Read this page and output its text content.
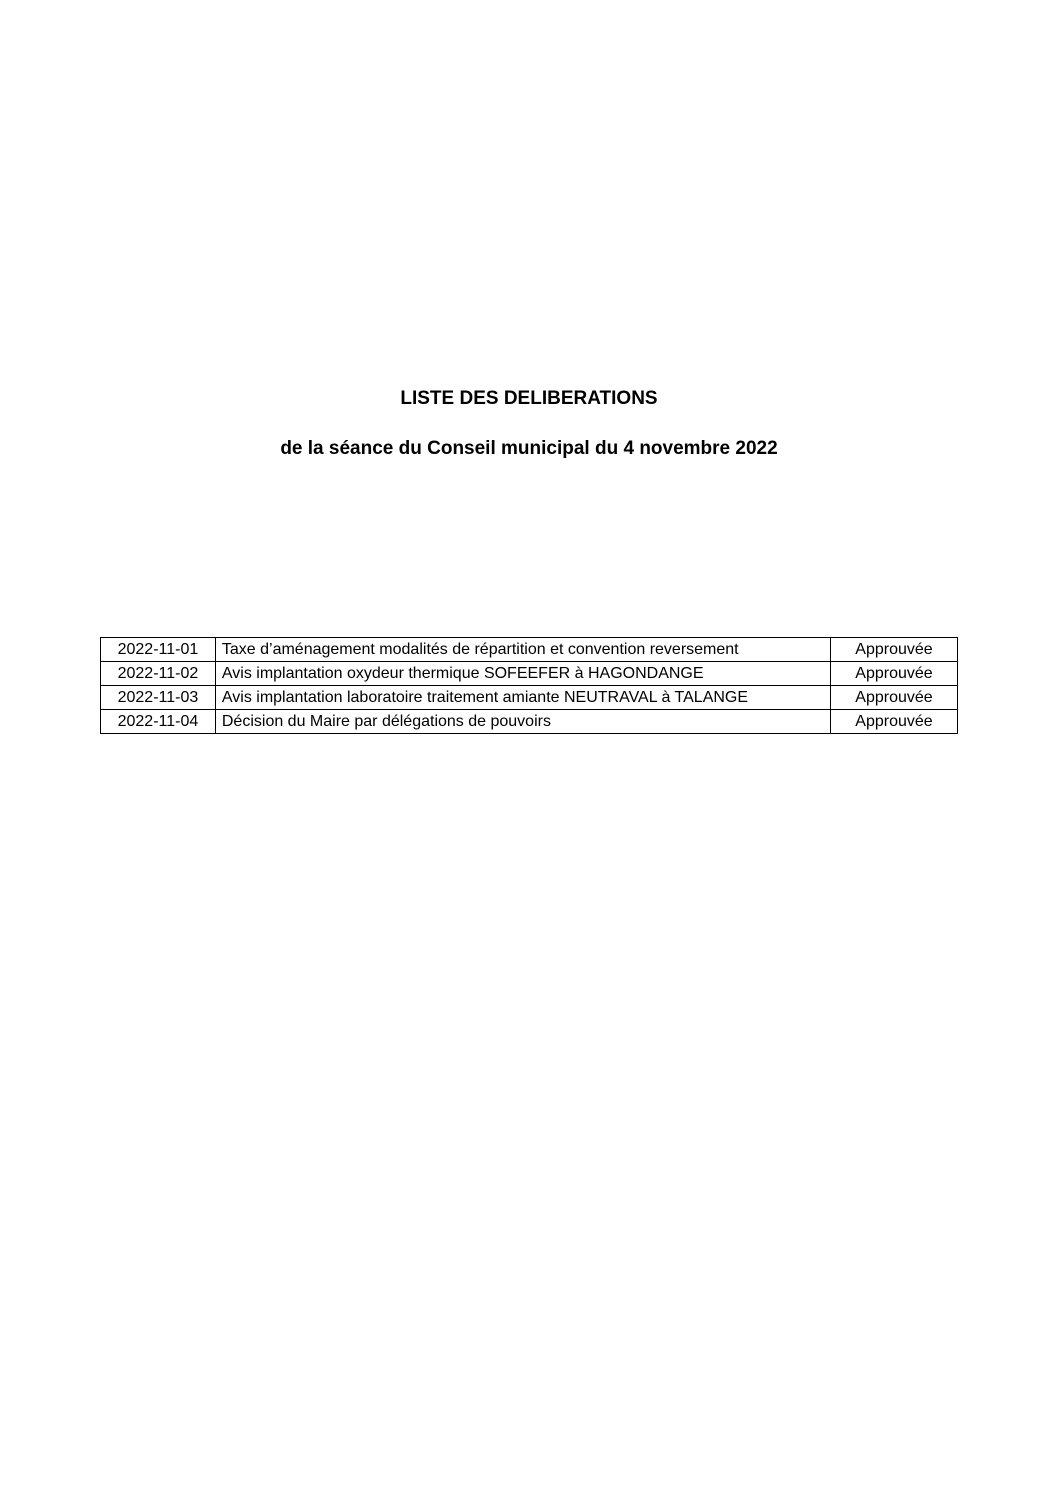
LISTE DES DELIBERATIONS
de la séance du Conseil municipal du 4 novembre 2022
2022-11-01	Taxe d’aménagement modalités de répartition et convention reversement	Approuvée
2022-11-02	Avis implantation oxydeur thermique SOFEEFER à HAGONDANGE	Approuvée
2022-11-03	Avis implantation laboratoire traitement amiante NEUTRAVAL à TALANGE	Approuvée
2022-11-04	Décision du Maire par délégations de pouvoirs	Approuvée
